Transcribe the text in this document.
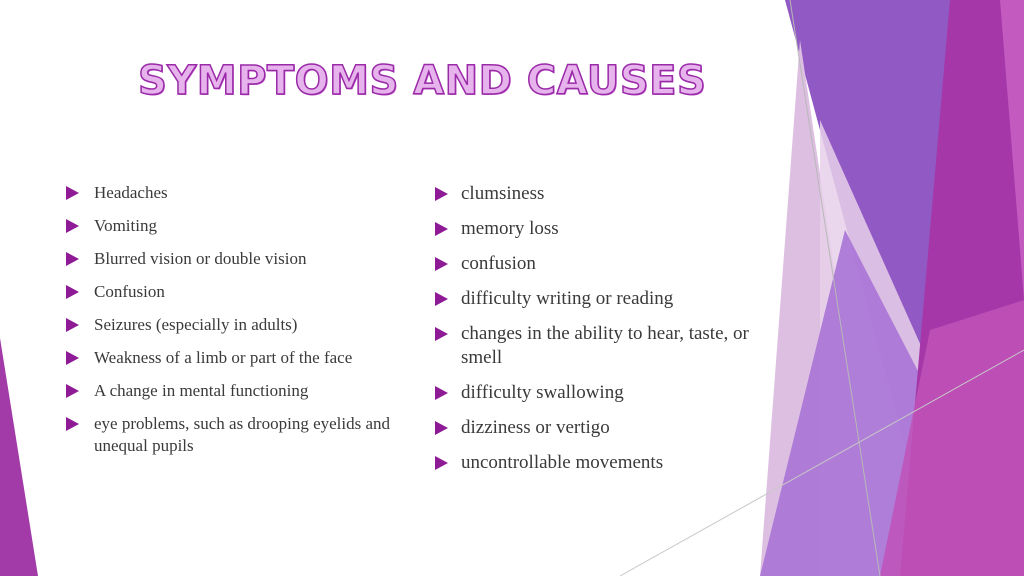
SYMPTOMS AND CAUSES
Headaches
Vomiting
Blurred vision or double vision
Confusion
Seizures (especially in adults)
Weakness of a limb or part of the face
A change in mental functioning
eye problems, such as drooping eyelids and unequal pupils
clumsiness
memory loss
confusion
difficulty writing or reading
changes in the ability to hear, taste, or smell
difficulty swallowing
dizziness or vertigo
uncontrollable movements
